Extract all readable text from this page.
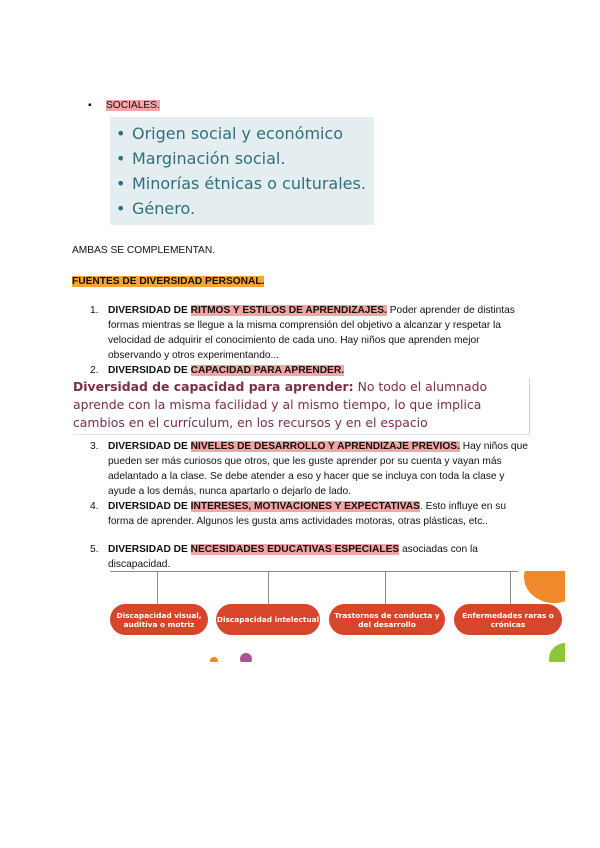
▪ SOCIALES.
• Origen social y económico
• Marginación social.
• Minorías étnicas o culturales.
• Género.
AMBAS SE COMPLEMENTAN.
FUENTES DE DIVERSIDAD PERSONAL.
1. DIVERSIDAD DE RITMOS Y ESTILOS DE APRENDIZAJES. Poder aprender de distintas formas mientras se llegue a la misma comprensión del objetivo a alcanzar y respetar la velocidad de adquirir el conocimiento de cada uno. Hay niños que aprenden mejor observando y otros experimentando...
2. DIVERSIDAD DE CAPACIDAD PARA APRENDER.
Diversidad de capacidad para aprender: No todo el alumnado aprende con la misma facilidad y al mismo tiempo, lo que implica cambios en el currículum, en los recursos y en el espacio
3. DIVERSIDAD DE NIVELES DE DESARROLLO Y APRENDIZAJE PREVIOS. Hay niños que pueden ser más curiosos que otros, que les guste aprender por su cuenta y vayan más adelantado a la clase. Se debe atender a eso y hacer que se incluya con toda la clase y ayude a los demás, nunca apartarlo o dejarlo de lado.
4. DIVERSIDAD DE INTERESES, MOTIVACIONES Y EXPECTATIVAS. Esto influye en su forma de aprender. Algunos les gusta ams actividades motoras, otras plásticas, etc..
5. DIVERSIDAD DE NECESIDADES EDUCATIVAS ESPECIALES asociadas con la discapacidad.
Discapacidad visual, auditiva o motriz	Discapacidad intelectual	Trastornos de conducta y del desarrollo
Enfermedades raras o crónicas
